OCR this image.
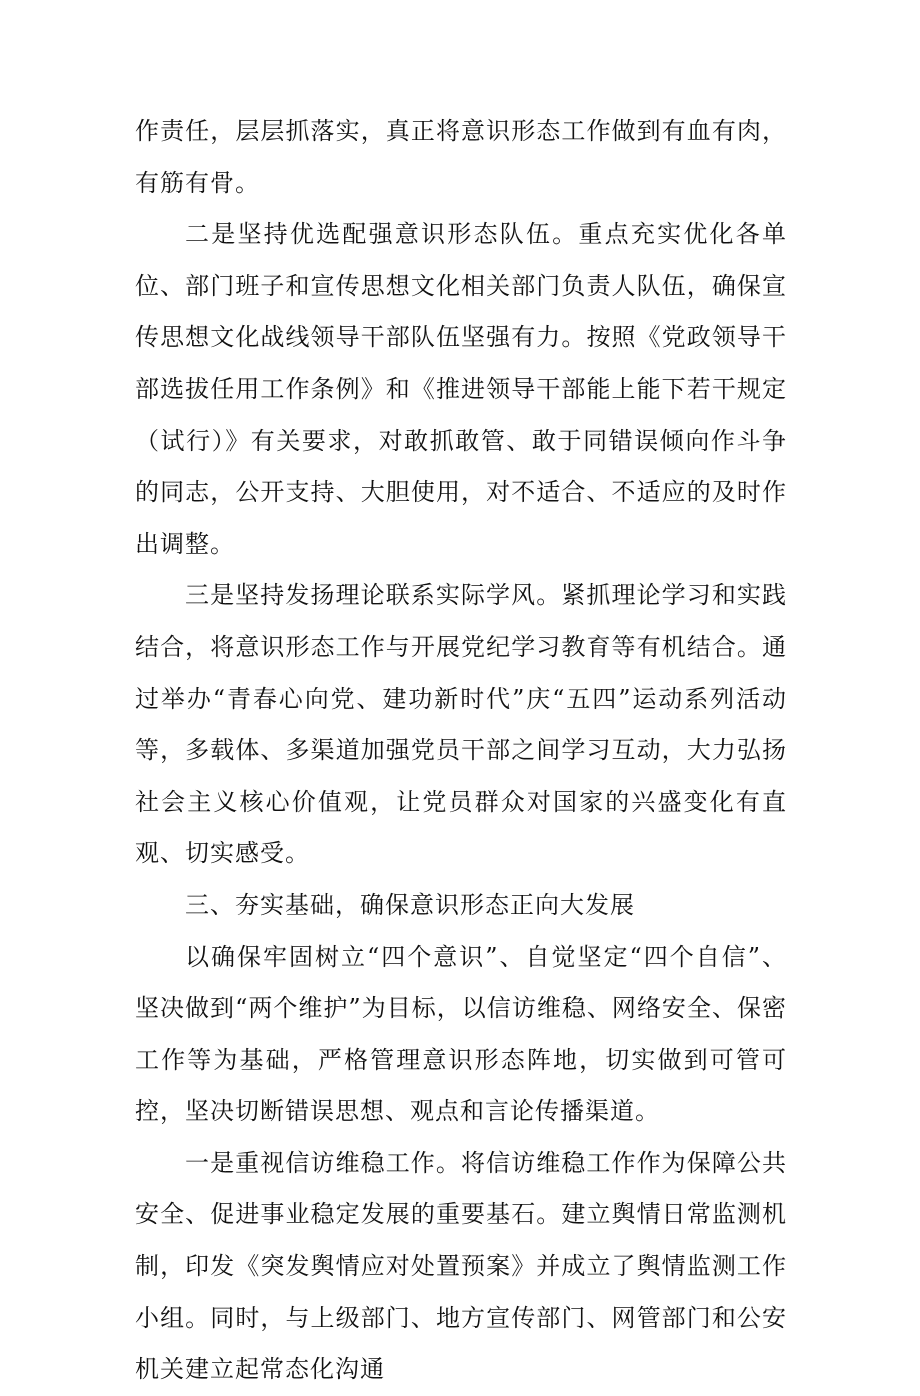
作责任，层层抓落实，真正将意识形态工作做到有血有肉，有筋有骨。

二是坚持优选配强意识形态队伍。重点充实优化各单位、部门班子和宣传思想文化相关部门负责人队伍，确保宣传思想文化战线领导干部队伍坚强有力。按照《党政领导干部选拔任用工作条例》和《推进领导干部能上能下若干规定（试行）》有关要求，对敢抓敢管、敢于同错误倾向作斗争的同志，公开支持、大胆使用，对不适合、不适应的及时作出调整。

三是坚持发扬理论联系实际学风。紧抓理论学习和实践结合，将意识形态工作与开展党纪学习教育等有机结合。通过举办“青春心向党、建功新时代”庆“五四”运动系列活动等，多载体、多渠道加强党员干部之间学习互动，大力弘扬社会主义核心价值观，让党员群众对国家的兴盛变化有直观、切实感受。

三、夯实基础，确保意识形态正向大发展

以确保牢固树立“四个意识”、自觉坚定“四个自信”、坚决做到“两个维护”为目标，以信访维稳、网络安全、保密工作等为基础，严格管理意识形态阵地，切实做到可管可控，坚决切断错误思想、观点和言论传播渠道。

一是重视信访维稳工作。将信访维稳工作作为保障公共安全、促进事业稳定发展的重要基石。建立舆情日常监测机制，印发《突发舆情应对处置预案》并成立了舆情监测工作小组。同时，与上级部门、地方宣传部门、网管部门和公安机关建立起常态化沟通
